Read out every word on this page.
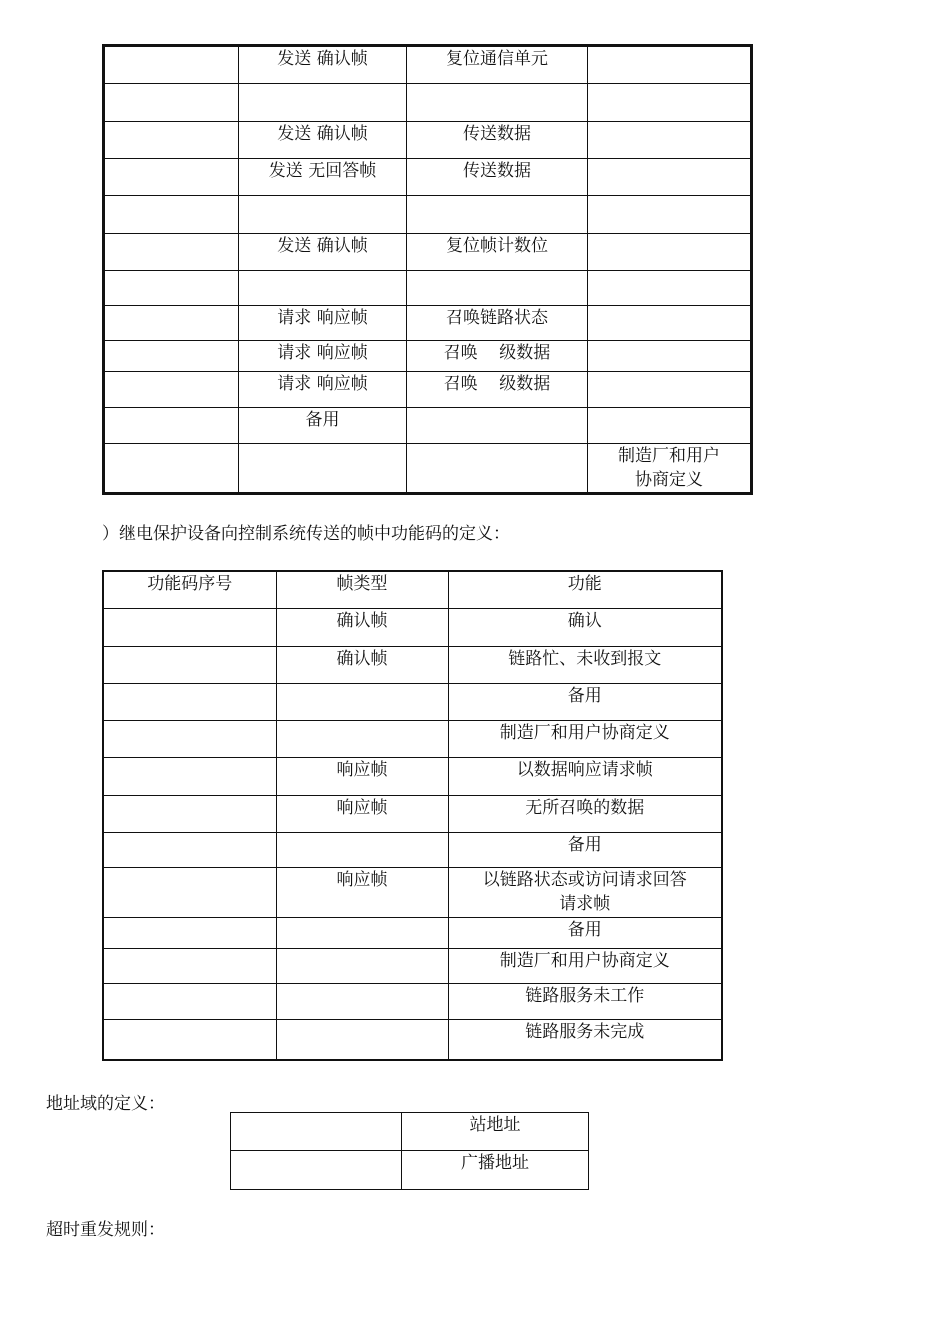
	发送 确认帧	复位通信单元	

	发送 确认帧	传送数据	
	发送 无回答帧	传送数据	

	发送 确认帧	复位帧计数位	

	请求 响应帧	召唤链路状态	
	请求 响应帧	召唤    级数据	
	请求 响应帧	召唤    级数据	
	备用		
			制造厂和用户
协商定义
）继电保护设备向控制系统传送的帧中功能码的定义：
功能码序号	帧类型	功能
	确认帧	确认
	确认帧	链路忙、未收到报文
		备用
		制造厂和用户协商定义
	响应帧	以数据响应请求帧
	响应帧	无所召唤的数据
		备用
	响应帧	以链路状态或访问请求回答
请求帧
		备用
		制造厂和用户协商定义
		链路服务未工作
		链路服务未完成
地址域的定义：
	站地址
	广播地址
超时重发规则：
